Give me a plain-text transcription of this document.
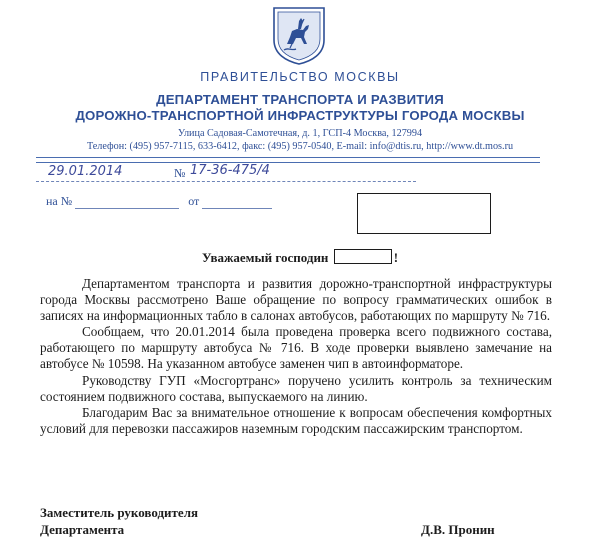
ПРАВИТЕЛЬСТВО МОСКВЫ
ДЕПАРТАМЕНТ ТРАНСПОРТА И РАЗВИТИЯ
ДОРОЖНО-ТРАНСПОРТНОЙ ИНФРАСТРУКТУРЫ ГОРОДА МОСКВЫ
Улица Садовая-Самотечная, д. 1, ГСП-4 Москва, 127994
Телефон: (495) 957-7115, 633-6412, факс: (495) 957-0540, E-mail: info@dtis.ru, http://www.dt.mos.ru
29.01.2014	№ 17-36-475/4
на №	от
Уважаемый господин	!

Департаментом транспорта и развития дорожно-транспортной инфраструктуры города Москвы рассмотрено Ваше обращение по вопросу грамматических ошибок в записях на информационных табло в салонах автобусов, работающих по маршруту № 716.

Сообщаем, что 20.01.2014 была проведена проверка всего подвижного состава, работающего по маршруту автобуса № 716. В ходе проверки выявлено замечание на автобусе № 10598. На указанном автобусе заменен чип в автоинформаторе.

Руководству ГУП «Мосгортранс» поручено усилить контроль за техническим состоянием подвижного состава, выпускаемого на линию.

Благодарим Вас за внимательное отношение к вопросам обеспечения комфортных условий для перевозки пассажиров наземным городским пассажирским транспортом.

Заместитель руководителя
Департамента	Д.В. Пронин
